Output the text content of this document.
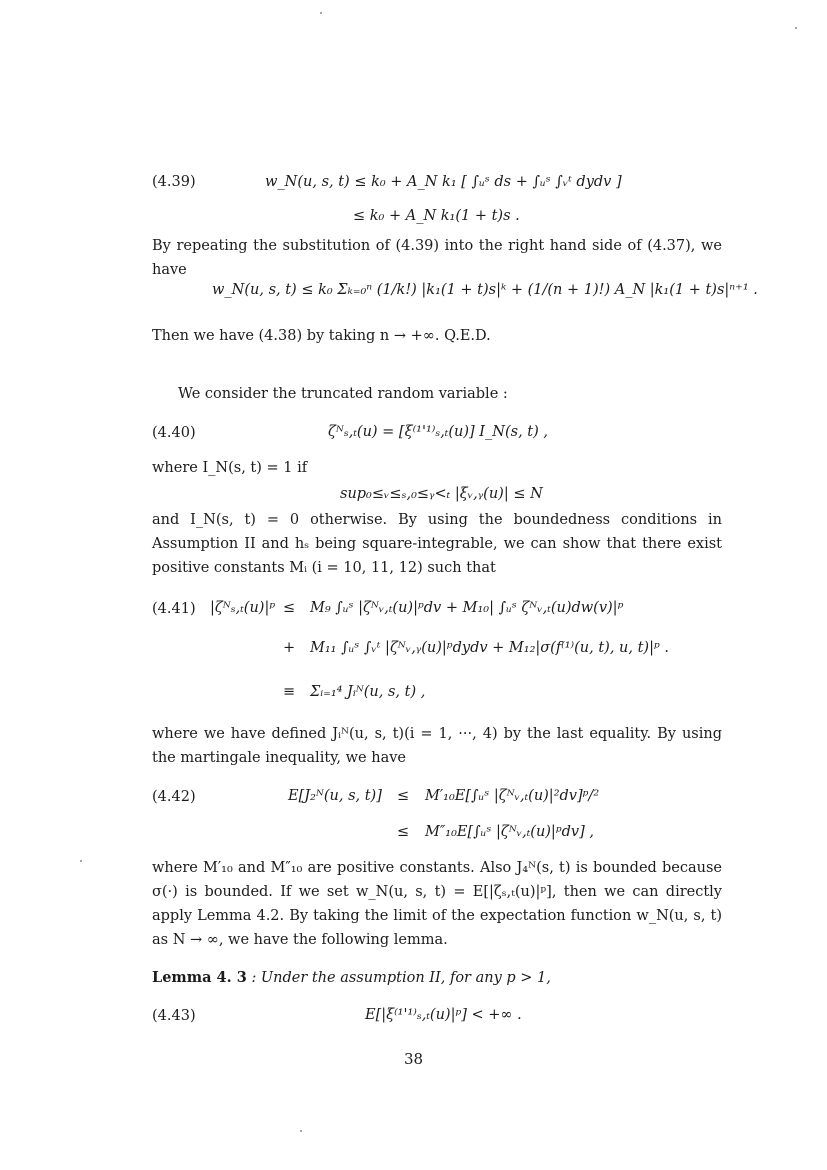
(4.39)	w_N(u, s, t) ≤ k₀ + A_N k₁ [ ∫ᵤˢ ds + ∫ᵤˢ ∫ᵥᵗ dydv ]
≤ k₀ + A_N k₁(1 + t)s .
By repeating the substitution of (4.39) into the right hand side of (4.37), we have
w_N(u, s, t) ≤ k₀ Σₖ₌₀ⁿ (1/k!) |k₁(1 + t)s|ᵏ + (1/(n + 1)!) A_N |k₁(1 + t)s|ⁿ⁺¹ .
Then we have (4.38) by taking n → +∞. Q.E.D.
We consider the truncated random variable :
(4.40)	ζᴺₛ,ₜ(u) = [ξ⁽¹'¹⁾ₛ,ₜ(u)] I_N(s, t) ,
where I_N(s, t) = 1 if
sup₀≤ᵥ≤ₛ,₀≤ᵧ<ₜ |ξᵥ,ᵧ(u)| ≤ N
and I_N(s, t) = 0 otherwise. By using the boundedness conditions in Assumption II and hₛ being square-integrable, we can show that there exist positive constants Mᵢ (i = 10, 11, 12) such that
(4.41) |ζᴺₛ,ₜ(u)|ᵖ ≤ M₉ ∫ᵤˢ |ζᴺᵥ,ₜ(u)|ᵖdv + M₁₀| ∫ᵤˢ ζᴺᵥ,ₜ(u)dw(v)|ᵖ
+ M₁₁ ∫ᵤˢ ∫ᵥᵗ |ζᴺᵥ,ᵧ(u)|ᵖdydv + M₁₂|σ(f⁽¹⁾(u, t), u, t)|ᵖ .
≡ Σᵢ₌₁⁴ Jᵢᴺ(u, s, t) ,
where we have defined Jᵢᴺ(u, s, t)(i = 1, ···, 4) by the last equality. By using the martingale inequality, we have
(4.42)	E[J₂ᴺ(u, s, t)] ≤ M′₁₀E[∫ᵤˢ |ζᴺᵥ,ₜ(u)|²dv]ᵖ/²
≤ M″₁₀E[∫ᵤˢ |ζᴺᵥ,ₜ(u)|ᵖdv] ,
where M′₁₀ and M″₁₀ are positive constants. Also J₄ᴺ(s, t) is bounded because σ(·) is bounded. If we set w_N(u, s, t) = E[|ζₛ,ₜ(u)|ᵖ], then we can directly apply Lemma 4.2. By taking the limit of the expectation function w_N(u, s, t) as N → ∞, we have the following lemma.
Lemma 4. 3 : Under the assumption II, for any p > 1,
(4.43)	E[|ξ⁽¹'¹⁾ₛ,ₜ(u)|ᵖ] < +∞ .
38
